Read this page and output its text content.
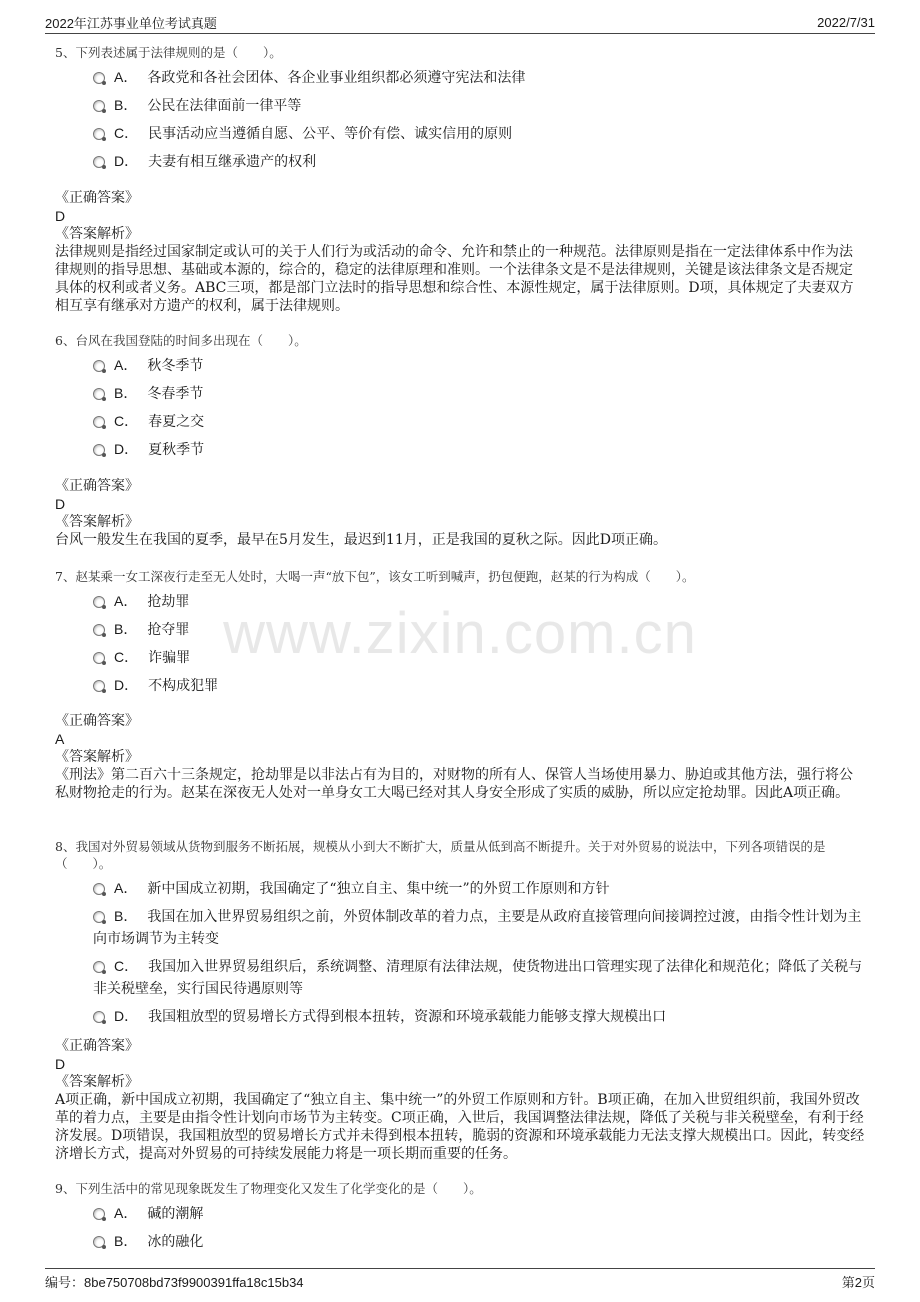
2022年江苏事业单位考试真题	2022/7/31
www.zixin.com.cn
5、下列表述属于法律规则的是（　　）。
A． 各政党和各社会团体、各企业事业组织都必须遵守宪法和法律
B． 公民在法律面前一律平等
C． 民事活动应当遵循自愿、公平、等价有偿、诚实信用的原则
D． 夫妻有相互继承遗产的权利
《正确答案》
D
《答案解析》
法律规则是指经过国家制定或认可的关于人们行为或活动的命令、允许和禁止的一种规范。法律原则是指在一定法律体系中作为法律规则的指导思想、基础或本源的，综合的，稳定的法律原理和准则。一个法律条文是不是法律规则，关键是该法律条文是否规定具体的权利或者义务。ABC三项，都是部门立法时的指导思想和综合性、本源性规定，属于法律原则。D项，具体规定了夫妻双方相互享有继承对方遗产的权利，属于法律规则。
6、台风在我国登陆的时间多出现在（　　）。
A． 秋冬季节
B． 冬春季节
C． 春夏之交
D． 夏秋季节
《正确答案》
D
《答案解析》
台风一般发生在我国的夏季，最早在5月发生，最迟到11月，正是我国的夏秋之际。因此D项正确。
7、赵某乘一女工深夜行走至无人处时，大喝一声“放下包”，该女工听到喊声，扔包便跑，赵某的行为构成（　　）。
A． 抢劫罪
B． 抢夺罪
C． 诈骗罪
D． 不构成犯罪
《正确答案》
A
《答案解析》
《刑法》第二百六十三条规定，抢劫罪是以非法占有为目的，对财物的所有人、保管人当场使用暴力、胁迫或其他方法，强行将公私财物抢走的行为。赵某在深夜无人处对一单身女工大喝已经对其人身安全形成了实质的威胁，所以应定抢劫罪。因此A项正确。
8、我国对外贸易领域从货物到服务不断拓展，规模从小到大不断扩大，质量从低到高不断提升。关于对外贸易的说法中，下列各项错误的是（　　）。
A． 新中国成立初期，我国确定了“独立自主、集中统一”的外贸工作原则和方针
B． 我国在加入世界贸易组织之前，外贸体制改革的着力点，主要是从政府直接管理向间接调控过渡，由指令性计划为主向市场调节为主转变
C． 我国加入世界贸易组织后，系统调整、清理原有法律法规，使货物进出口管理实现了法律化和规范化；降低了关税与非关税壁垒，实行国民待遇原则等
D． 我国粗放型的贸易增长方式得到根本扭转，资源和环境承载能力能够支撑大规模出口
《正确答案》
D
《答案解析》
A项正确，新中国成立初期，我国确定了“独立自主、集中统一”的外贸工作原则和方针。B项正确，在加入世贸组织前，我国外贸改革的着力点，主要是由指令性计划向市场节为主转变。C项正确，入世后，我国调整法律法规，降低了关税与非关税壁垒，有利于经济发展。D项错误，我国粗放型的贸易增长方式并未得到根本扭转，脆弱的资源和环境承载能力无法支撑大规模出口。因此，转变经济增长方式，提高对外贸易的可持续发展能力将是一项长期而重要的任务。
9、下列生活中的常见现象既发生了物理变化又发生了化学变化的是（　　）。
A． 碱的潮解
B． 冰的融化
编号：8be750708bd73f9900391ffa18c15b34	第2页
